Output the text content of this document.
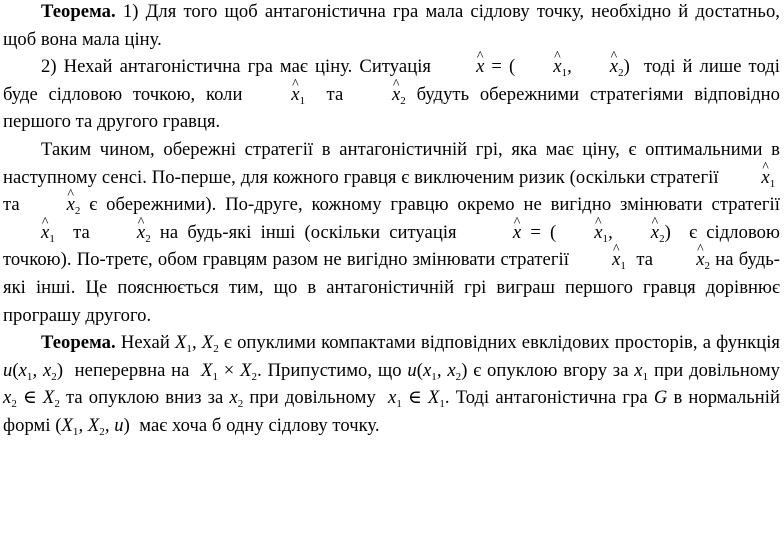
Теорема. 1) Для того щоб антагоністична гра мала сідлову точку, необхідно й достатньо, щоб вона мала ціну.

2) Нехай антагоністична гра має ціну. Ситуація ^ x = (^ $x_1,\^{}$ $x_2$) тоді й лише тоді буде сідловою точкою, коли ^	$x_1$ та ^	$x_2$ будуть обережними стратегіями відповідно першого та другого гравця.

Таким чином, обережні стратегії в антагоністичній грі, яка має ціну, є оптимальними в наступному сенсі. По-перше, для кожного гравця є виключеним ризик (оскільки стратегії ^ $x_1$  та ^	$x_2$ є обережними). По-друге, кожному гравцю окремо не вигідно змінювати стратегії ^ $x_1$ та ^	$x_2$ на будь-які інші (оскільки ситуація  ^	x = (^ $x_1,\^{}$ $x_2$) є сідловою точкою). По-третє, обом гравцям разом не вигідно змінювати стратегії ^ $x_1$ та ^ $x_2$ на будь-які інші. Це пояснюється тим, що в антагоністичній грі виграш першого гравця дорівнює програшу другого.

Теорема. Нехай $X_1$, $X_2$ є опуклими компактами відповідних евклідових просторів, а функція $u(x_1$, $x_2$) неперервна на $X_1 \times X_2$. Припустимо, що $u(x_1$, $x_2$) є опуклою вгору за $x_1$ при довільному $x_2$ ∈ $X_2$ та опуклою вниз за $x_2$ при довільному $x_1$ ∈ $X_1$. Тоді антагоністична гра G в нормальній формі ($X_1$, $X_2$, u) має хоча б одну сідлову точку.
